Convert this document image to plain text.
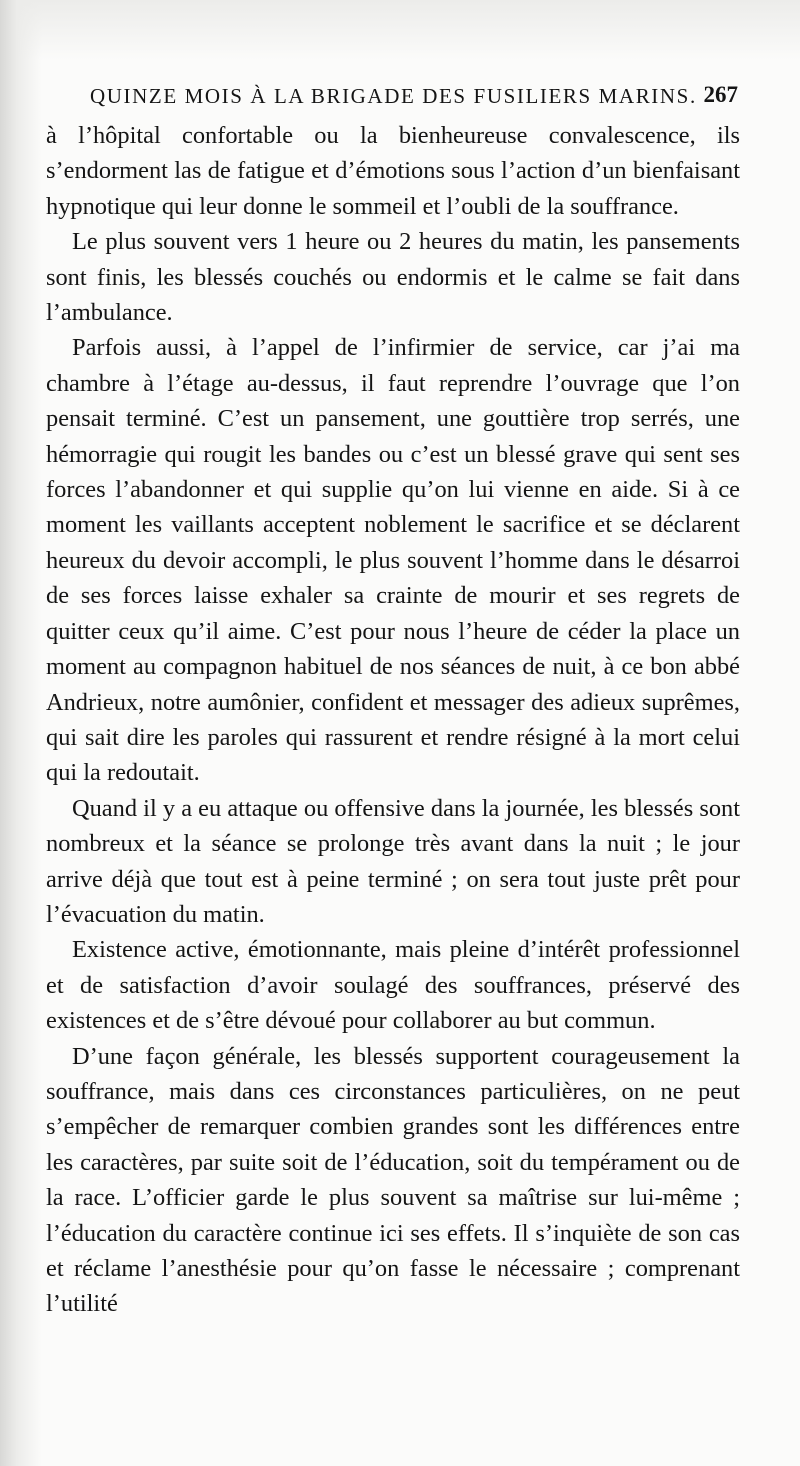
QUINZE MOIS À LA BRIGADE DES FUSILIERS MARINS. 267

à l’hôpital confortable ou la bienheureuse convalescence, ils s’endorment las de fatigue et d’émotions sous l’action d’un bienfaisant hypnotique qui leur donne le sommeil et l’oubli de la souffrance.

Le plus souvent vers 1 heure ou 2 heures du matin, les pansements sont finis, les blessés couchés ou endormis et le calme se fait dans l’ambulance.

Parfois aussi, à l’appel de l’infirmier de service, car j’ai ma chambre à l’étage au-dessus, il faut reprendre l’ouvrage que l’on pensait terminé. C’est un pansement, une gouttière trop serrés, une hémorragie qui rougit les bandes ou c’est un blessé grave qui sent ses forces l’abandonner et qui supplie qu’on lui vienne en aide. Si à ce moment les vaillants acceptent noblement le sacrifice et se déclarent heureux du devoir accompli, le plus souvent l’homme dans le désarroi de ses forces laisse exhaler sa crainte de mourir et ses regrets de quitter ceux qu’il aime. C’est pour nous l’heure de céder la place un moment au compagnon habituel de nos séances de nuit, à ce bon abbé Andrieux, notre aumônier, confident et messager des adieux suprêmes, qui sait dire les paroles qui rassurent et rendre résigné à la mort celui qui la redoutait.

Quand il y a eu attaque ou offensive dans la journée, les blessés sont nombreux et la séance se prolonge très avant dans la nuit ; le jour arrive déjà que tout est à peine terminé ; on sera tout juste prêt pour l’évacuation du matin.

Existence active, émotionnante, mais pleine d’intérêt professionnel et de satisfaction d’avoir soulagé des souffrances, préservé des existences et de s’être dévoué pour collaborer au but commun.

D’une façon générale, les blessés supportent courageusement la souffrance, mais dans ces circonstances particulières, on ne peut s’empêcher de remarquer combien grandes sont les différences entre les caractères, par suite soit de l’éducation, soit du tempérament ou de la race. L’officier garde le plus souvent sa maîtrise sur lui-même ; l’éducation du caractère continue ici ses effets. Il s’inquiète de son cas et réclame l’anesthésie pour qu’on fasse le nécessaire ; comprenant l’utilité
